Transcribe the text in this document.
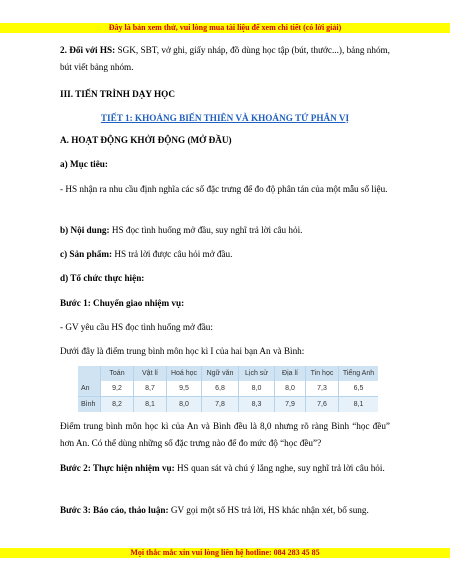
Đây là bản xem thử, vui lòng mua tài liệu để xem chi tiết (có lời giải)
2. Đối với HS: SGK, SBT, vở ghi, giấy nháp, đồ dùng học tập (bút, thước...), bảng nhóm, bút viết bảng nhóm.
III. TIẾN TRÌNH DẠY HỌC
TIẾT 1: KHOẢNG BIẾN THIÊN VÀ KHOẢNG TỨ PHÂN VỊ
A. HOẠT ĐỘNG KHỞI ĐỘNG (MỞ ĐẦU)
a) Mục tiêu:
- HS nhận ra nhu cầu định nghĩa các số đặc trưng để đo độ phân tán của một mẫu số liệu.
b) Nội dung: HS đọc tình huống mở đầu, suy nghĩ trả lời câu hỏi.
c) Sản phẩm: HS trả lời được câu hỏi mở đầu.
d) Tổ chức thực hiện:
Bước 1: Chuyển giao nhiệm vụ:
- GV yêu cầu HS đọc tình huống mở đầu:
Dưới đây là điểm trung bình môn học kì I của hai bạn An và Bình:
	Toán	Vật lí	Hoá học	Ngữ văn	Lịch sử	Địa lí	Tin học	Tiếng Anh
An	9,2	8,7	9,5	6,8	8,0	8,0	7,3	6,5
Bình	8,2	8,1	8,0	7,8	8,3	7,9	7,6	8,1
Điểm trung bình môn học kì của An và Bình đều là 8,0 nhưng rõ ràng Bình “học đều” hơn An. Có thể dùng những số đặc trưng nào để đo mức độ “học đều”?
Bước 2: Thực hiện nhiệm vụ: HS quan sát và chú ý lắng nghe, suy nghĩ trả lời câu hỏi.
Bước 3: Báo cáo, thảo luận: GV gọi một số HS trả lời, HS khác nhận xét, bổ sung.
Mọi thắc mắc xin vui lòng liên hệ hotline: 084 283 45 85
